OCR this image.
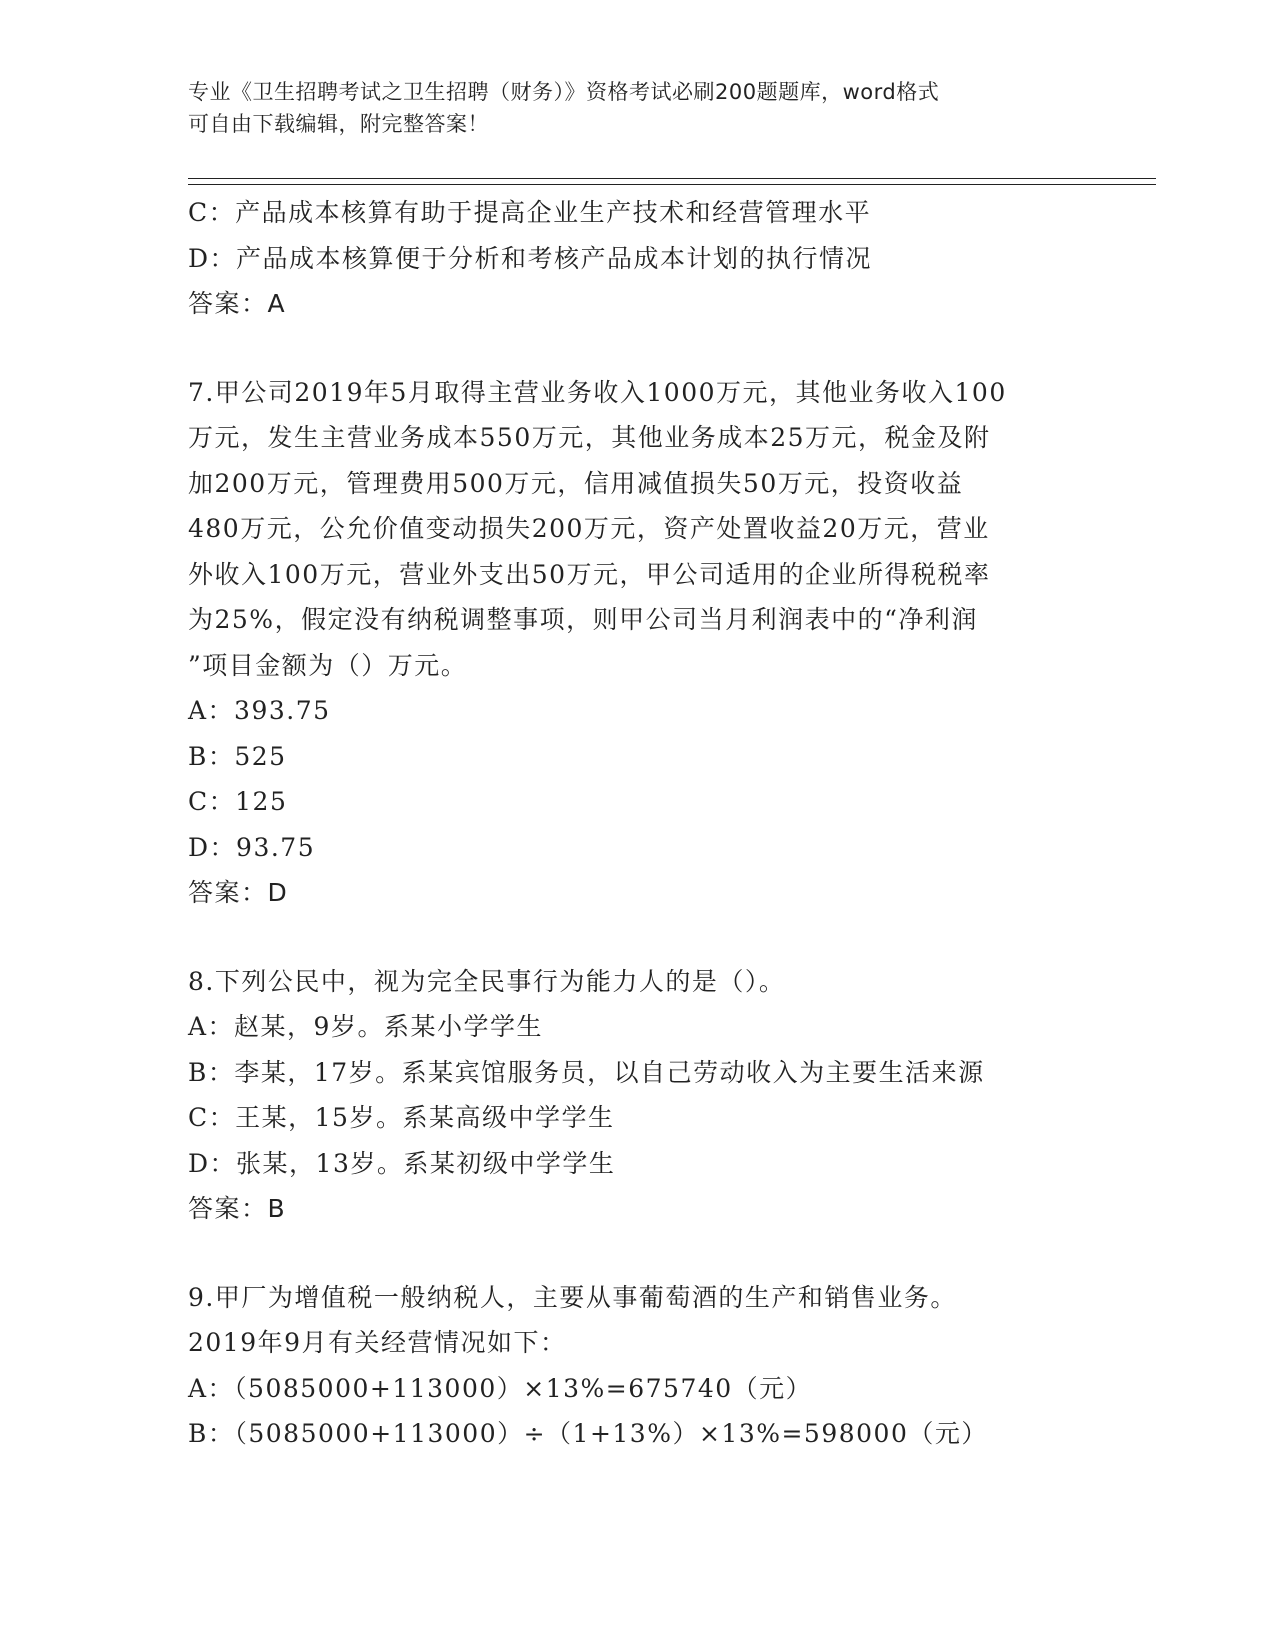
专业《卫生招聘考试之卫生招聘（财务）》资格考试必刷200题题库，word格式
可自由下载编辑，附完整答案！
C：产品成本核算有助于提高企业生产技术和经营管理水平
D：产品成本核算便于分析和考核产品成本计划的执行情况
答案：A
7.甲公司2019年5月取得主营业务收入1000万元，其他业务收入100
万元，发生主营业务成本550万元，其他业务成本25万元，税金及附
加200万元，管理费用500万元，信用减值损失50万元，投资收益
480万元，公允价值变动损失200万元，资产处置收益20万元，营业
外收入100万元，营业外支出50万元，甲公司适用的企业所得税税率
为25%，假定没有纳税调整事项，则甲公司当月利润表中的“净利润
”项目金额为（）万元。
A：393.75
B：525
C：125
D：93.75
答案：D
8.下列公民中，视为完全民事行为能力人的是（）。
A：赵某，9岁。系某小学学生
B：李某，17岁。系某宾馆服务员，以自己劳动收入为主要生活来源
C：王某，15岁。系某高级中学学生
D：张某，13岁。系某初级中学学生
答案：B
9.甲厂为增值税一般纳税人，主要从事葡萄酒的生产和销售业务。
2019年9月有关经营情况如下：
A：（5085000+113000）×13%=675740（元）
B：（5085000+113000）÷（1+13%）×13%=598000（元）
